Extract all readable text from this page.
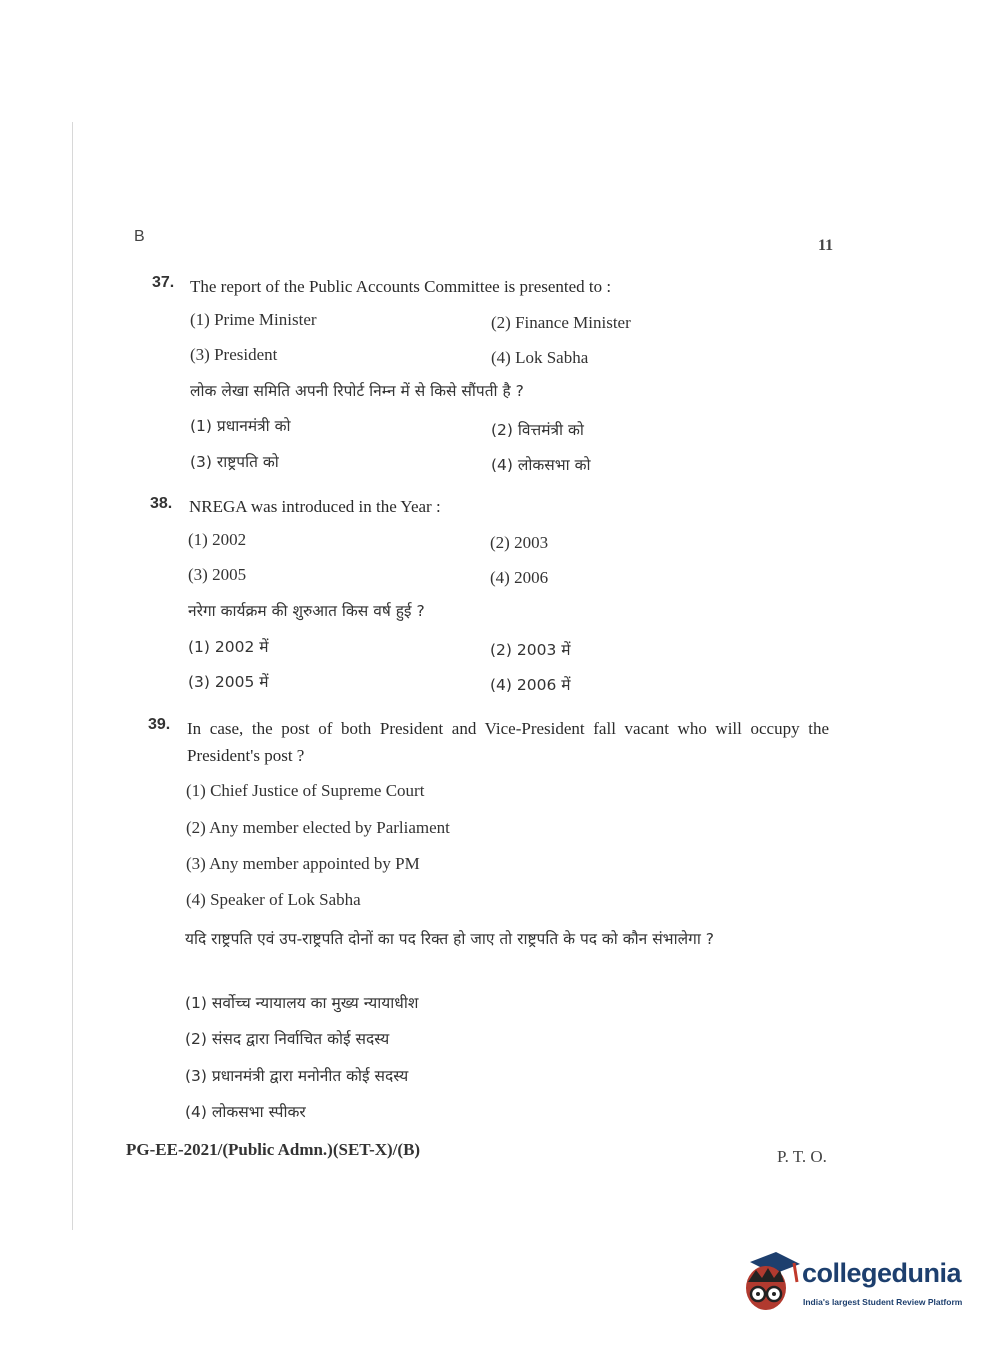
B
11
37. The report of the Public Accounts Committee is presented to :
(1) Prime Minister	(2) Finance Minister
(3) President	(4) Lok Sabha
लोक लेखा समिति अपनी रिपोर्ट निम्न में से किसे सौंपती है ?
(1) प्रधानमंत्री को	(2) वित्तमंत्री को
(3) राष्ट्रपति को	(4) लोकसभा को
38. NREGA was introduced in the Year :
(1) 2002	(2) 2003
(3) 2005	(4) 2006
नरेगा कार्यक्रम की शुरुआत किस वर्ष हुई ?
(1) 2002 में	(2) 2003 में
(3) 2005 में	(4) 2006 में
39. In case, the post of both President and Vice-President fall vacant who will occupy the President's post ?
(1) Chief Justice of Supreme Court
(2) Any member elected by Parliament
(3) Any member appointed by PM
(4) Speaker of Lok Sabha
यदि राष्ट्रपति एवं उप-राष्ट्रपति दोनों का पद रिक्त हो जाए तो राष्ट्रपति के पद को कौन संभालेगा ?
(1) सर्वोच्च न्यायालय का मुख्य न्यायाधीश
(2) संसद द्वारा निर्वाचित कोई सदस्य
(3) प्रधानमंत्री द्वारा मनोनीत कोई सदस्य
(4) लोकसभा स्पीकर
PG-EE-2021/(Public Admn.)(SET-X)/(B)	P. T. O.
collegedunia
India's largest Student Review Platform
